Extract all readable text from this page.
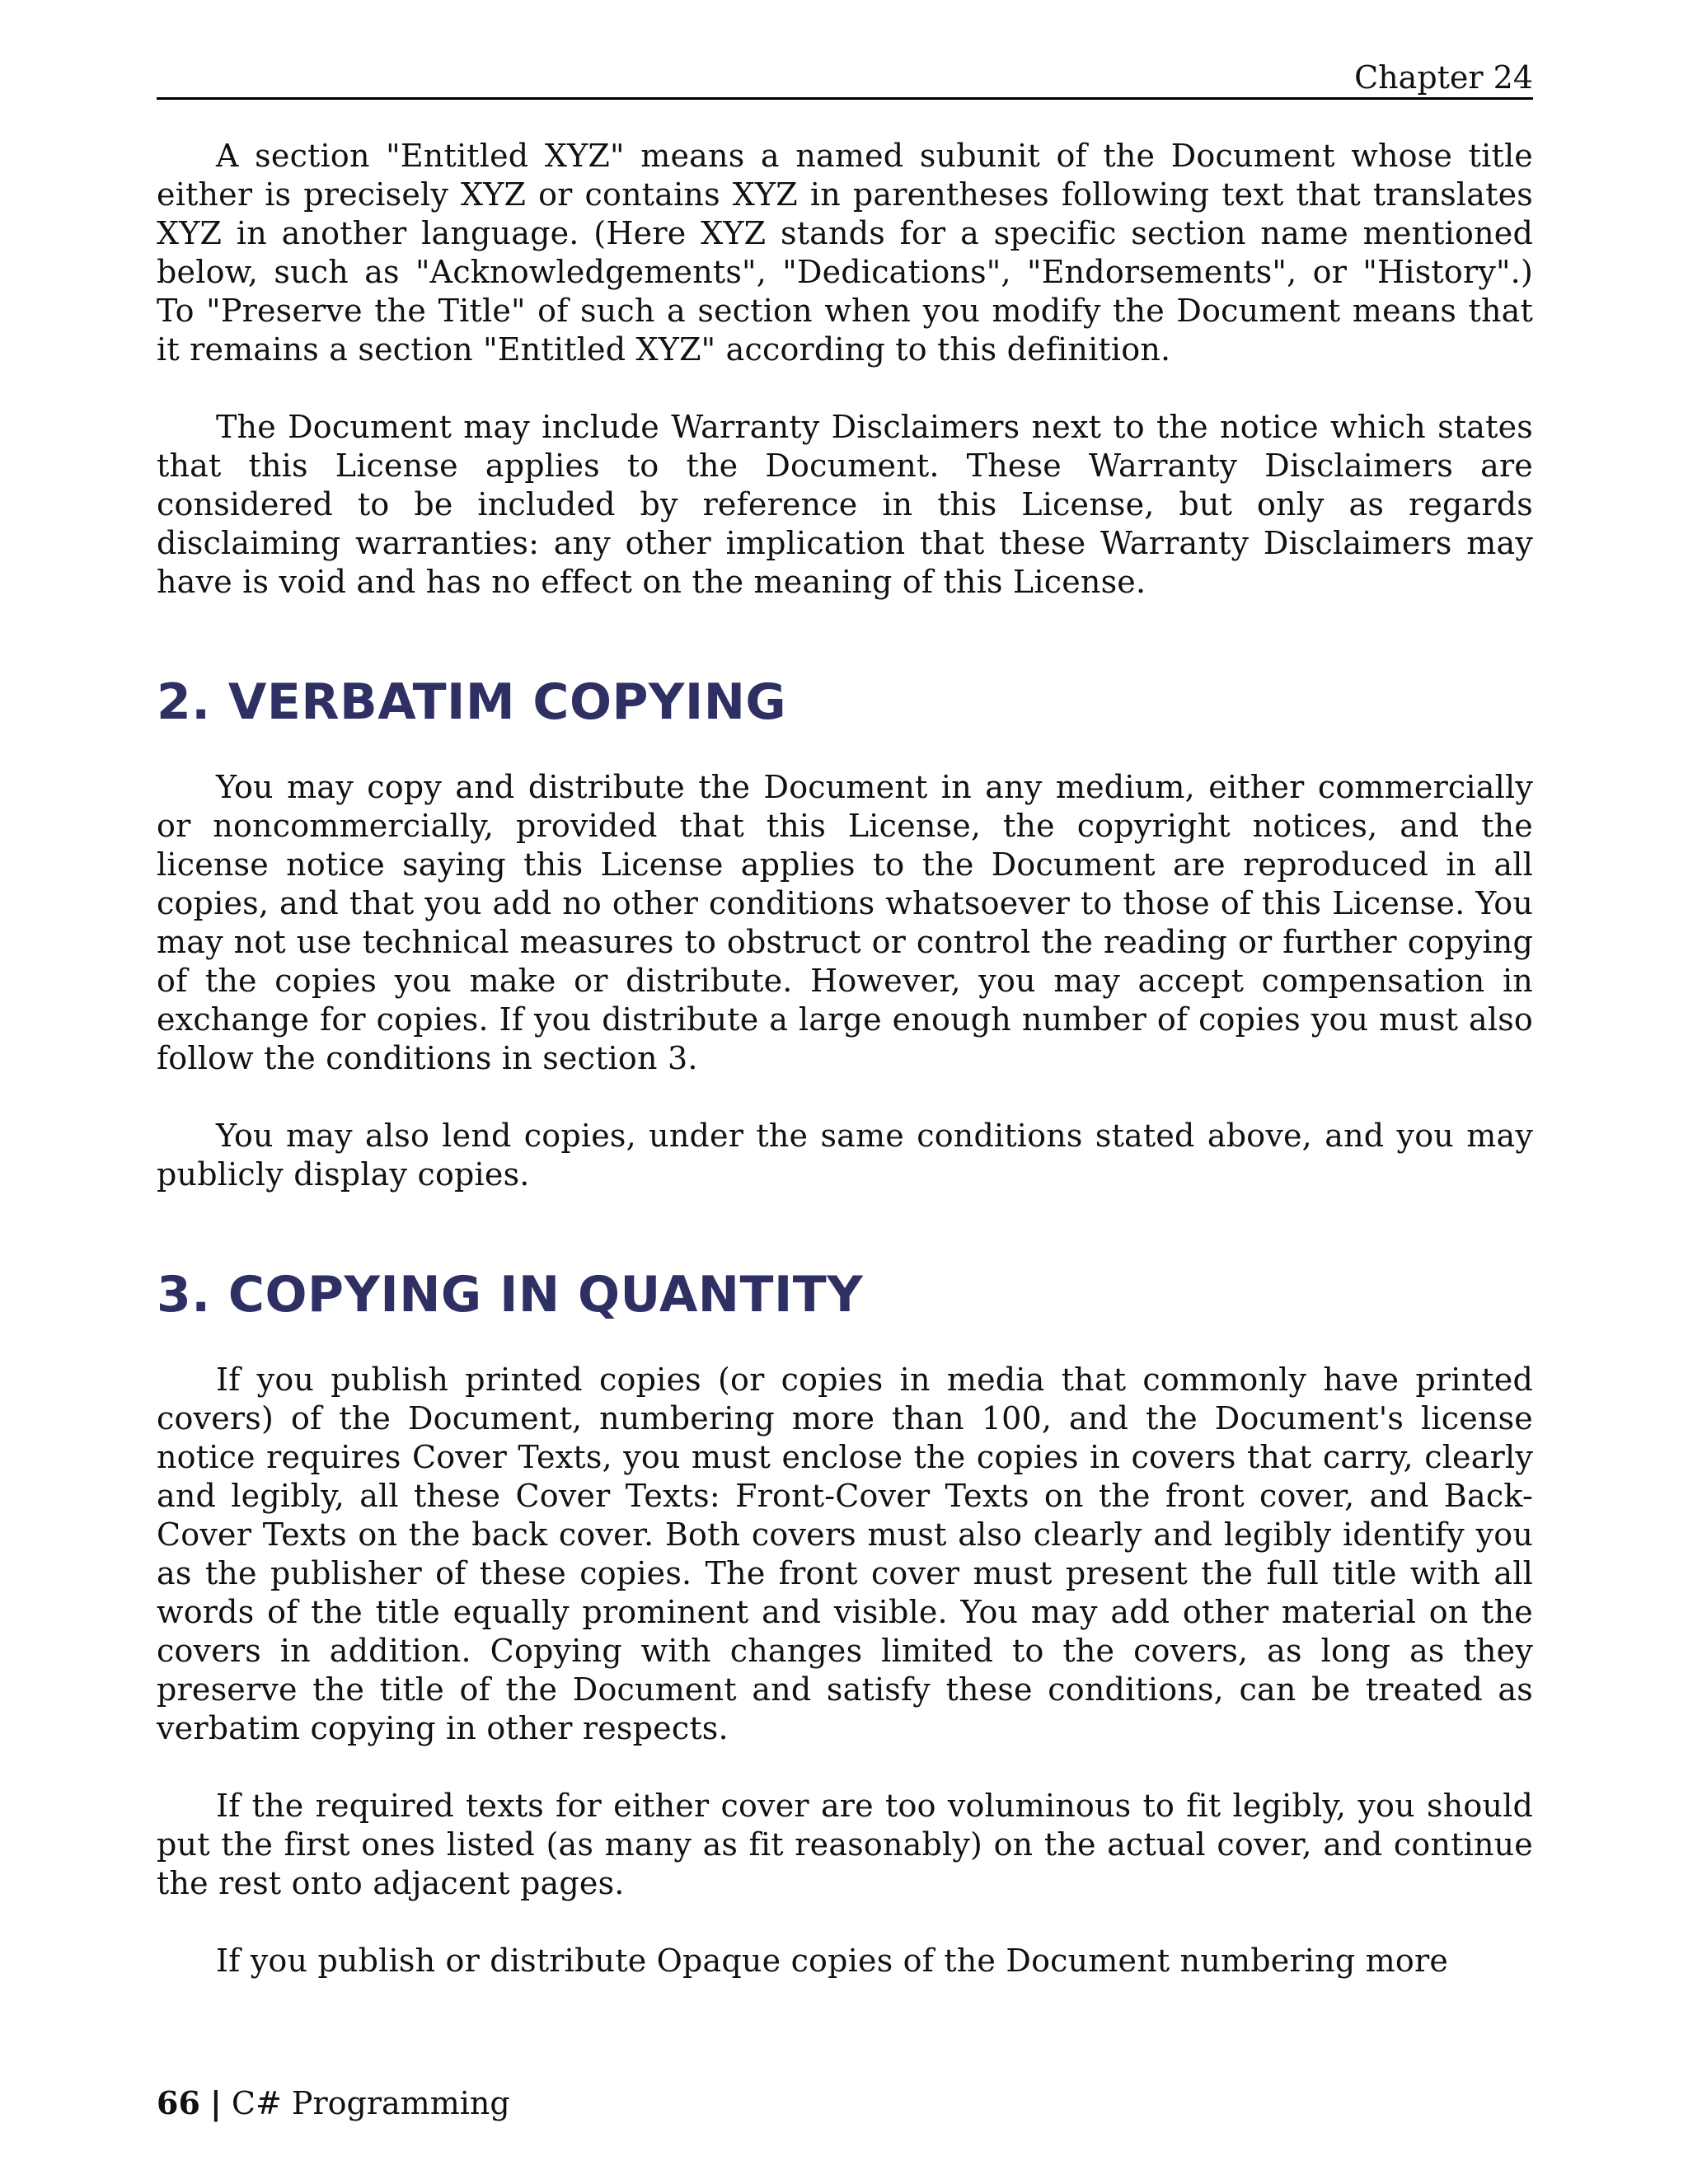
Chapter 24

A section "Entitled XYZ" means a named subunit of the Document whose title either is precisely XYZ or contains XYZ in parentheses following text that translates XYZ in another language. (Here XYZ stands for a specific section name mentioned below, such as "Acknowledgements", "Dedications", "Endorsements", or "History".) To "Preserve the Title" of such a section when you modify the Document means that it remains a section "Entitled XYZ" according to this definition.

The Document may include Warranty Disclaimers next to the notice which states that this License applies to the Document. These Warranty Disclaimers are considered to be included by reference in this License, but only as regards disclaiming warranties: any other implication that these Warranty Disclaimers may have is void and has no effect on the meaning of this License.

2. VERBATIM COPYING

You may copy and distribute the Document in any medium, either commercially or noncommercially, provided that this License, the copyright notices, and the license notice saying this License applies to the Document are reproduced in all copies, and that you add no other conditions whatsoever to those of this License. You may not use technical measures to obstruct or control the reading or further copying of the copies you make or distribute. However, you may accept compensation in exchange for copies. If you distribute a large enough number of copies you must also follow the conditions in section 3.

You may also lend copies, under the same conditions stated above, and you may publicly display copies.

3. COPYING IN QUANTITY

If you publish printed copies (or copies in media that commonly have printed covers) of the Document, numbering more than 100, and the Document's license notice requires Cover Texts, you must enclose the copies in covers that carry, clearly and legibly, all these Cover Texts: Front-Cover Texts on the front cover, and Back-Cover Texts on the back cover. Both covers must also clearly and legibly identify you as the publisher of these copies. The front cover must present the full title with all words of the title equally prominent and visible. You may add other material on the covers in addition. Copying with changes limited to the covers, as long as they preserve the title of the Document and satisfy these conditions, can be treated as verbatim copying in other respects.

If the required texts for either cover are too voluminous to fit legibly, you should put the first ones listed (as many as fit reasonably) on the actual cover, and continue the rest onto adjacent pages.

If you publish or distribute Opaque copies of the Document numbering more

66 | C# Programming
